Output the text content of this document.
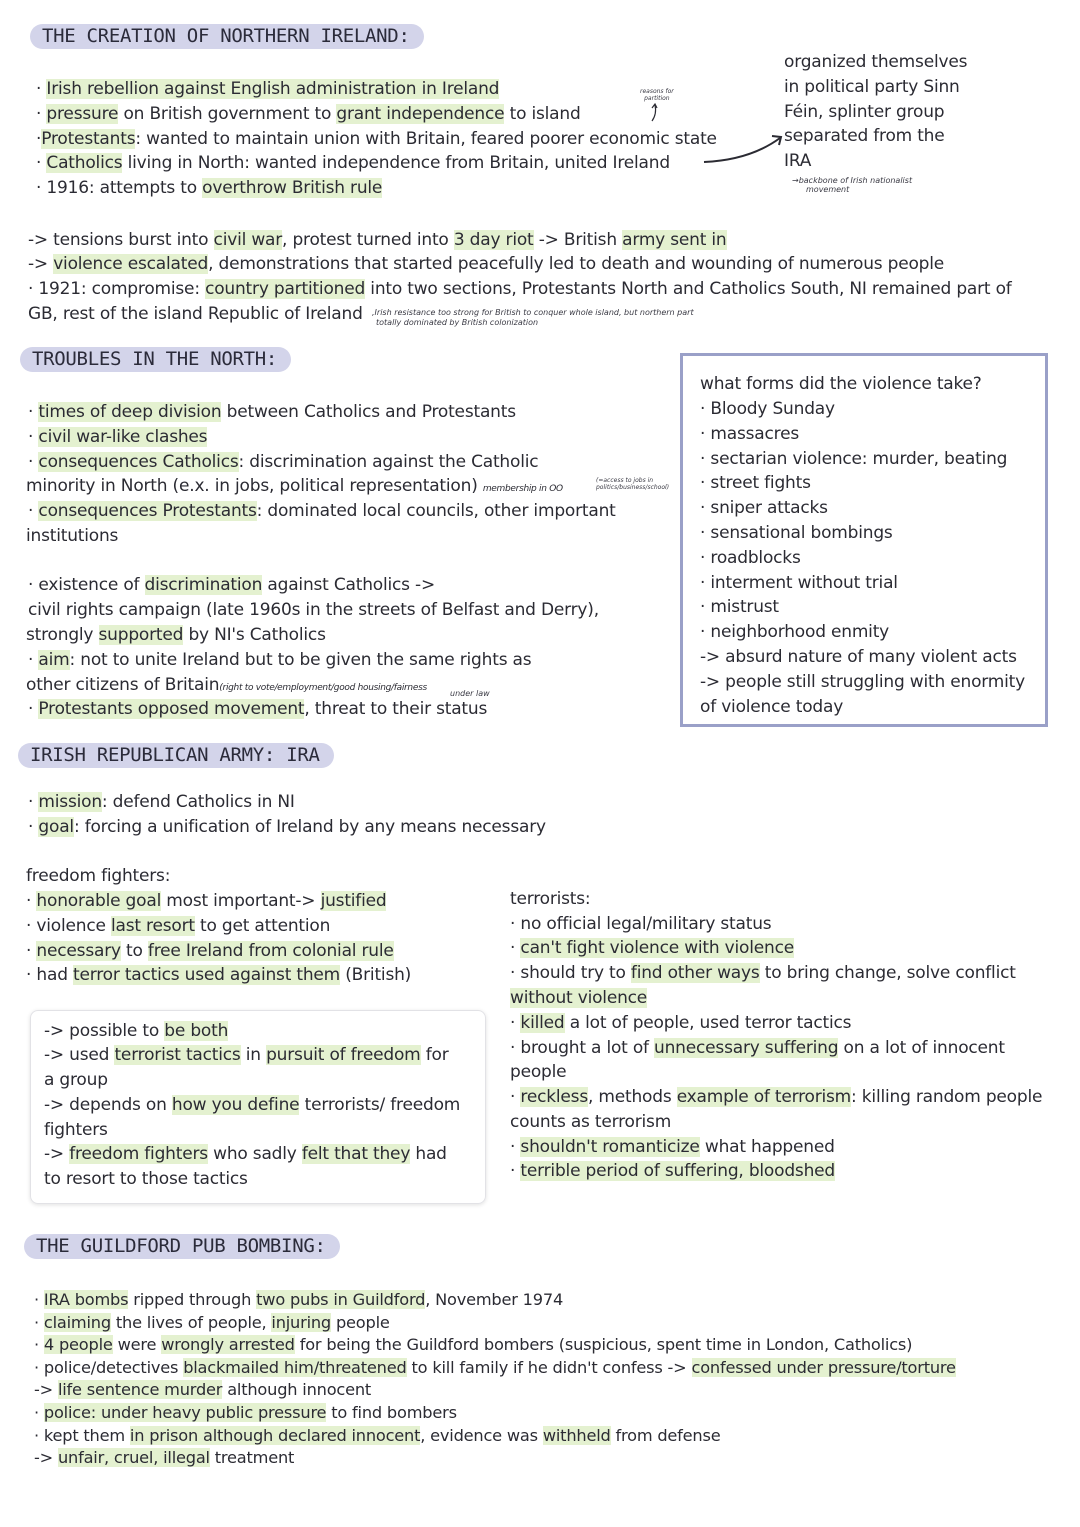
THE CREATION OF NORTHERN IRELAND:
· Irish rebellion against English administration in Ireland
· pressure on British government to grant independence to island
·Protestants: wanted to maintain union with Britain, feared poorer economic state
· Catholics living in North: wanted independence from Britain, united Ireland
· 1916: attempts to overthrow British rule
reasons for
partition
organized themselves
in political party Sinn
Féin, splinter group
separated from the
IRA
→backbone of Irish nationalist
movement
-> tensions burst into civil war, protest turned into 3 day riot -> British army sent in
-> violence escalated, demonstrations that started peacefully led to death and wounding of numerous people
· 1921: compromise: country partitioned into two sections, Protestants North and Catholics South, NI remained part of
GB, rest of the island Republic of Ireland ,Irish resistance too strong for British to conquer whole island, but northern part
totally dominated by British colonization
TROUBLES IN THE NORTH:
· times of deep division between Catholics and Protestants
· civil war-like clashes
· consequences Catholics: discrimination against the Catholic
minority in North (e.x. in jobs, political representation) membership in OO
(=access to jobs in
politics/business/school)
· consequences Protestants: dominated local councils, other important
institutions
· existence of discrimination against Catholics ->
civil rights campaign (late 1960s in the streets of Belfast and Derry),
strongly supported by NI's Catholics
· aim: not to unite Ireland but to be given the same rights as
other citizens of Britain(right to vote/employment/good housing/fairness
under law
· Protestants opposed movement, threat to their status
what forms did the violence take?
· Bloody Sunday
· massacres
· sectarian violence: murder, beating
· street fights
· sniper attacks
· sensational bombings
· roadblocks
· interment without trial
· mistrust
· neighborhood enmity
-> absurd nature of many violent acts
-> people still struggling with enormity
of violence today
IRISH REPUBLICAN ARMY: IRA
· mission: defend Catholics in NI
· goal: forcing a unification of Ireland by any means necessary
freedom fighters:
· honorable goal most important-> justified
· violence last resort to get attention
· necessary to free Ireland from colonial rule
· had terror tactics used against them (British)
-> possible to be both
-> used terrorist tactics in pursuit of freedom for
a group
-> depends on how you define terrorists/ freedom
fighters
-> freedom fighters who sadly felt that they had
to resort to those tactics
terrorists:
· no official legal/military status
· can't fight violence with violence
· should try to find other ways to bring change, solve conflict
without violence
· killed a lot of people, used terror tactics
· brought a lot of unnecessary suffering on a lot of innocent
people
· reckless, methods example of terrorism: killing random people
counts as terrorism
· shouldn't romanticize what happened
· terrible period of suffering, bloodshed
THE GUILDFORD PUB BOMBING:
· IRA bombs ripped through two pubs in Guildford, November 1974
· claiming the lives of people, injuring people
· 4 people were wrongly arrested for being the Guildford bombers (suspicious, spent time in London, Catholics)
· police/detectives blackmailed him/threatened to kill family if he didn't confess -> confessed under pressure/torture
-> life sentence murder although innocent
· police: under heavy public pressure to find bombers
· kept them in prison although declared innocent, evidence was withheld from defense
-> unfair, cruel, illegal treatment
